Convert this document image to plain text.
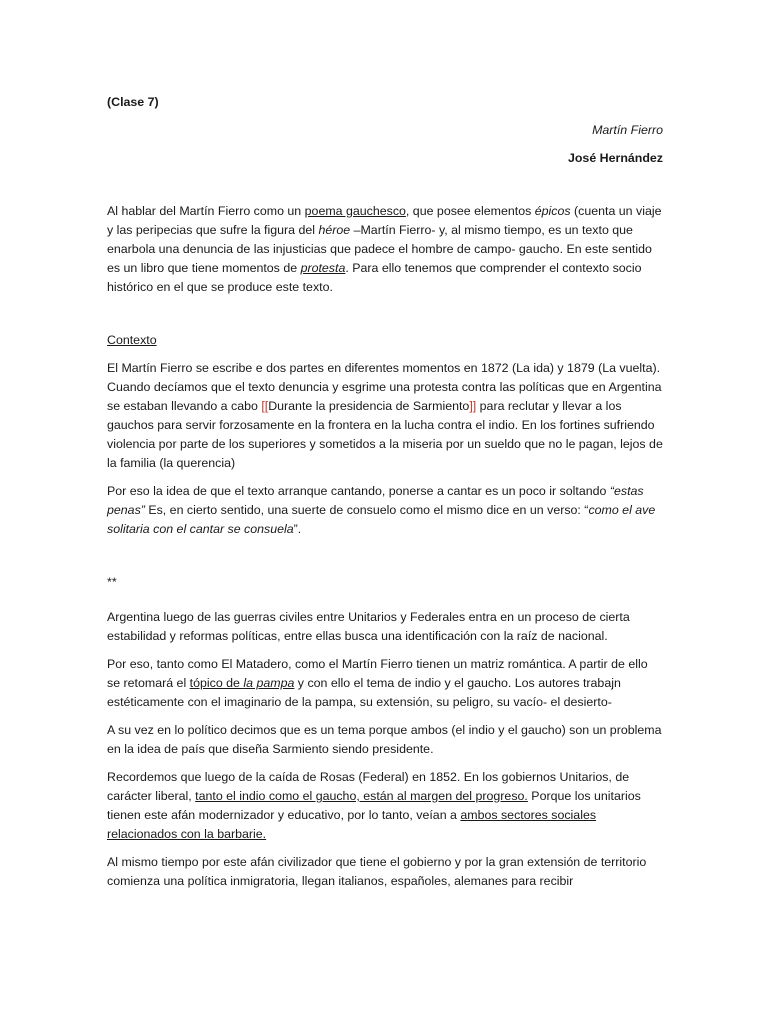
(Clase 7)

Martín Fierro

José Hernández

Al hablar del Martín Fierro como un poema gauchesco, que posee elementos épicos (cuenta un viaje y las peripecias que sufre la figura del héroe –Martín Fierro- y, al mismo tiempo, es un texto que enarbola una denuncia de las injusticias que padece el hombre de campo- gaucho. En este sentido es un libro que tiene momentos de protesta. Para ello tenemos que comprender el contexto socio histórico en el que se produce este texto.

Contexto

El Martín Fierro se escribe e dos partes en diferentes momentos en 1872 (La ida) y 1879 (La vuelta). Cuando decíamos que el texto denuncia y esgrime una protesta contra las políticas que en Argentina se estaban llevando a cabo [[Durante la presidencia de Sarmiento]] para reclutar y llevar a los gauchos para servir forzosamente en la frontera en la lucha contra el indio. En los fortines sufriendo violencia por parte de los superiores y sometidos a la miseria por un sueldo que no le pagan, lejos de la familia (la querencia)

Por eso la idea de que el texto arranque cantando, ponerse a cantar es un poco ir soltando “estas penas” Es, en cierto sentido, una suerte de consuelo como el mismo dice en un verso: “como el ave solitaria con el cantar se consuela”.

**

Argentina luego de las guerras civiles entre Unitarios y Federales entra en un proceso de cierta estabilidad y reformas políticas, entre ellas busca una identificación con la raíz de nacional.

Por eso, tanto como El Matadero, como el Martín Fierro tienen un matriz romántica. A partir de ello se retomará el tópico de la pampa y con ello el tema de indio y el gaucho. Los autores trabajn estéticamente con el imaginario de la pampa, su extensión, su peligro, su vacío- el desierto-

A su vez en lo político decimos que es un tema porque ambos (el indio y el gaucho) son un problema en la idea de país que diseña Sarmiento siendo presidente.

Recordemos que luego de la caída de Rosas (Federal) en 1852. En los gobiernos Unitarios, de carácter liberal, tanto el indio como el gaucho, están al margen del progreso. Porque los unitarios tienen este afán modernizador y educativo, por lo tanto, veían a ambos sectores sociales relacionados con la barbarie.

Al mismo tiempo por este afán civilizador que tiene el gobierno y por la gran extensión de territorio comienza una política inmigratoria, llegan italianos, españoles, alemanes para recibir
